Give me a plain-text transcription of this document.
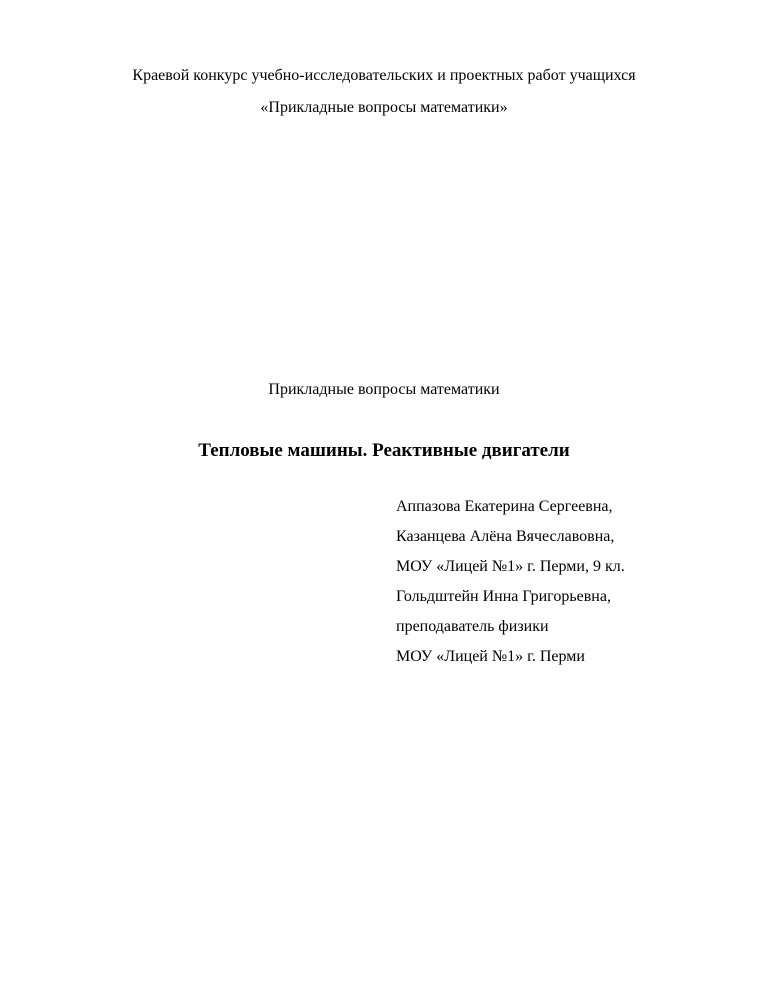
Краевой конкурс учебно-исследовательских и проектных работ учащихся
«Прикладные вопросы математики»
Прикладные вопросы математики
Тепловые машины. Реактивные двигатели
Аппазова Екатерина Сергеевна,
Казанцева Алёна Вячеславовна,
МОУ «Лицей №1» г. Перми, 9 кл.
Гольдштейн Инна Григорьевна,
преподаватель физики
МОУ «Лицей №1» г. Перми
